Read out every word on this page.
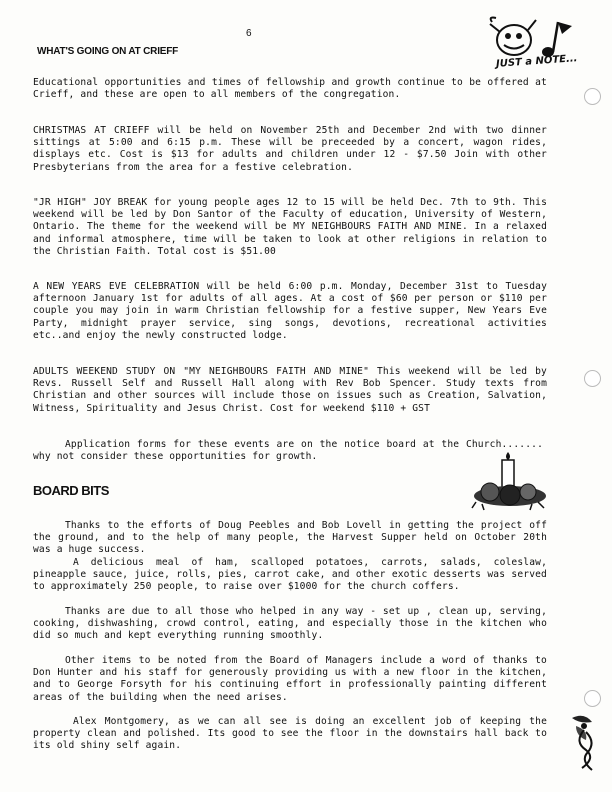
6
JUST a NOTE...
WHAT'S GOING ON AT CRIEFF

Educational opportunities and times of fellowship and growth continue to be offered at Crieff, and these are open to all members of the congregation.

CHRISTMAS AT CRIEFF will be held on November 25th and December 2nd with two dinner sittings at 5:00 and 6:15 p.m. These will be preceeded by a concert, wagon rides, displays etc. Cost is $13 for adults and children under 12 - $7.50 Join with other Presbyterians from the area for a festive celebration.

"JR HIGH" JOY BREAK for young people ages 12 to 15 will be held Dec. 7th to 9th. This weekend will be led by Don Santor of the Faculty of education, University of Western, Ontario. The theme for the weekend will be MY NEIGHBOURS FAITH AND MINE. In a relaxed and informal atmosphere, time will be taken to look at other religions in relation to the Christian Faith. Total cost is $51.00

A NEW YEARS EVE CELEBRATION will be held 6:00 p.m. Monday, December 31st to Tuesday afternoon January 1st for adults of all ages. At a cost of $60 per person or $110 per couple you may join in warm Christian fellowship for a festive supper, New Years Eve Party, midnight prayer service, sing songs, devotions, recreational activities etc..and enjoy the newly constructed lodge.

ADULTS WEEKEND STUDY ON "MY NEIGHBOURS FAITH AND MINE" This weekend will be led by Revs. Russell Self and Russell Hall along with Rev Bob Spencer. Study texts from Christian and other sources will include those on issues such as Creation, Salvation, Witness, Spirituality and Jesus Christ. Cost for weekend $110 + GST

Application forms for these events are on the notice board at the Church....... why not consider these opportunities for growth.

BOARD BITS

Thanks to the efforts of Doug Peebles and Bob Lovell in getting the project off the ground, and to the help of many people, the Harvest Supper held on October 20th was a huge success.

A delicious meal of ham, scalloped potatoes, carrots, salads, coleslaw, pineapple sauce, juice, rolls, pies, carrot cake, and other exotic desserts was served to approximately 250 people, to raise over $1000 for the church coffers.

Thanks are due to all those who helped in any way - set up , clean up, serving, cooking, dishwashing, crowd control, eating, and especially those in the kitchen who did so much and kept everything running smoothly.

Other items to be noted from the Board of Managers include a word of thanks to Don Hunter and his staff for generously providing us with a new floor in the kitchen, and to George Forsyth for his continuing effort in professionally painting different areas of the building when the need arises.

Alex Montgomery, as we can all see is doing an excellent job of keeping the property clean and polished. Its good to see the floor in the downstairs hall back to its old shiny self again.
